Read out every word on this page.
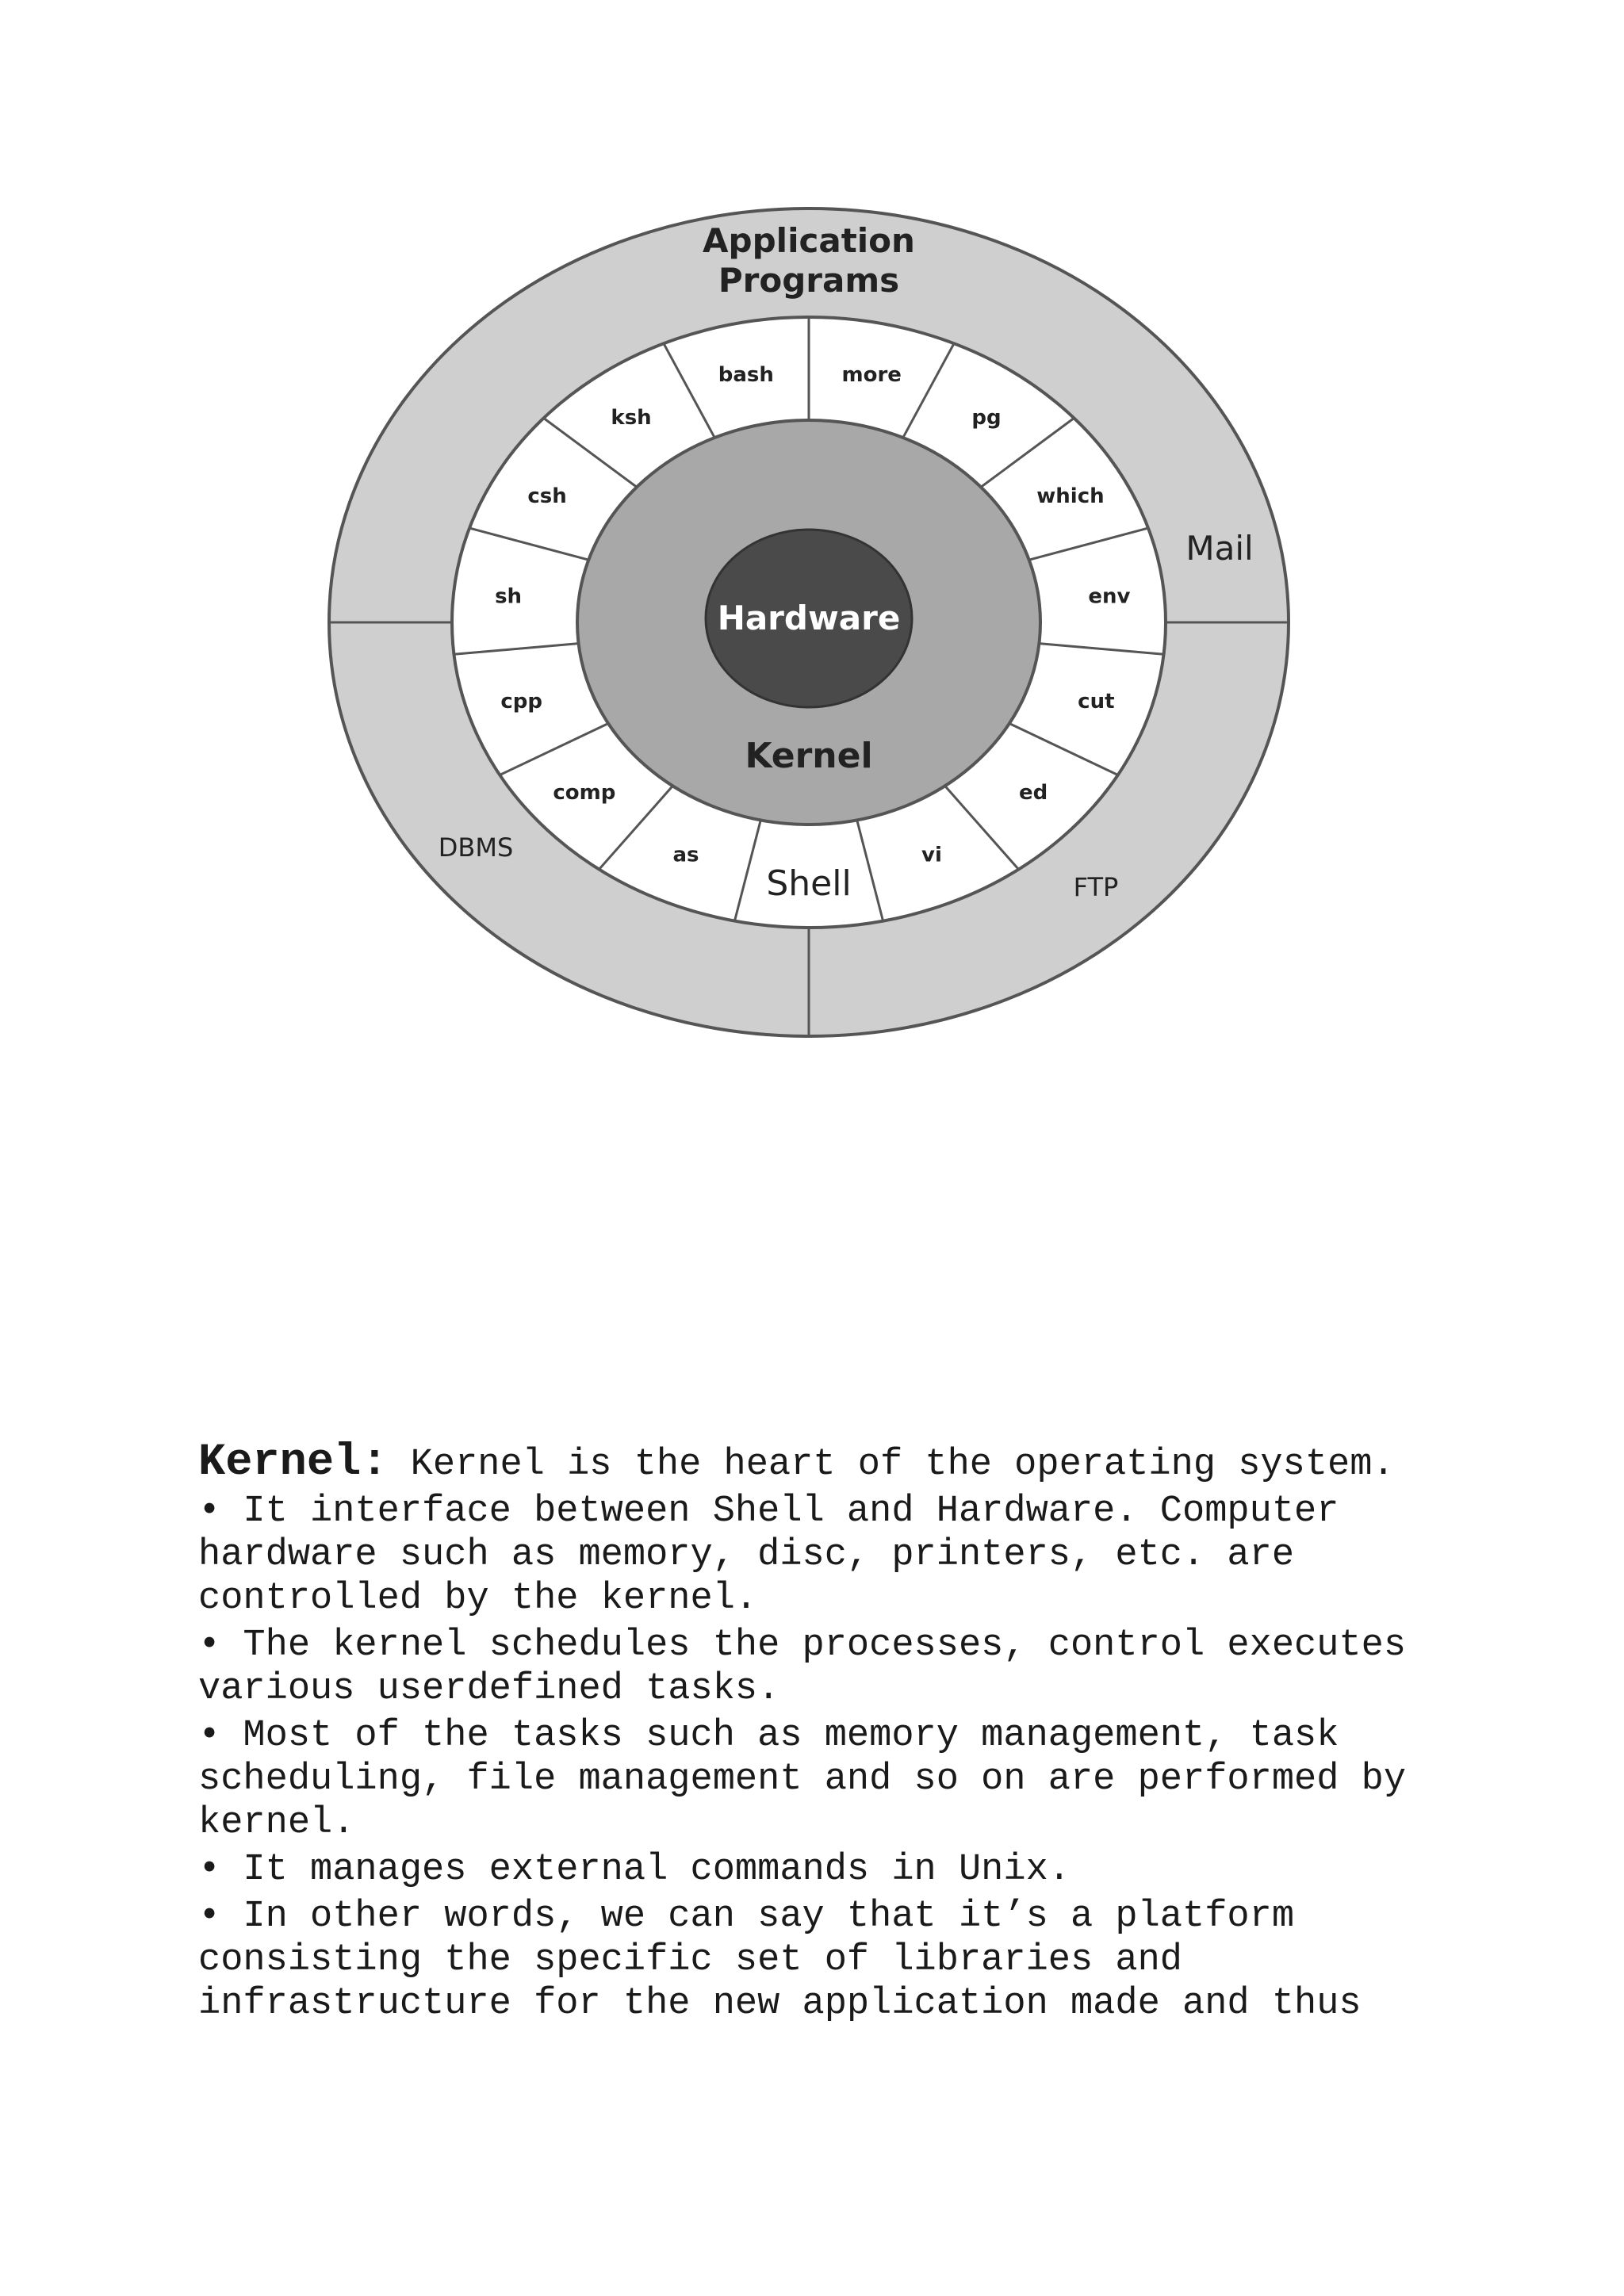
Application
Programs
Mail
DBMS
FTP
Kernel
Hardware
bash	more
pg
which
env
cut
ed
vi
Shell
as
comp
cpp
sh
csh
ksh

Kernel: Kernel is the heart of the operating system.

• It interface between Shell and Hardware. Computer hardware such as memory, disc, printers, etc. are controlled by the kernel.

• The kernel schedules the processes, control executes various userdefined tasks.

• Most of the tasks such as memory management, task scheduling, file management and so on are performed by kernel.

• It manages external commands in Unix.

• In other words, we can say that it’s a platform consisting the specific set of libraries and infrastructure for the new application made and thus
